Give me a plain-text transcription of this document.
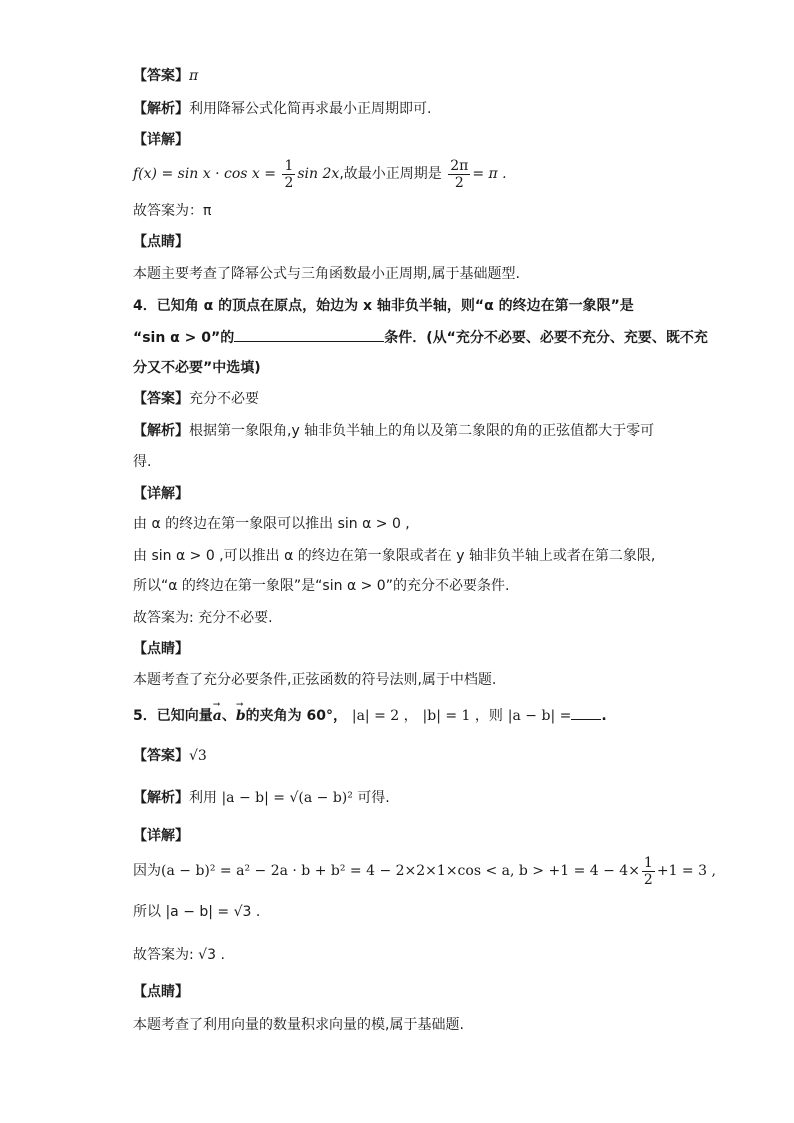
【答案】π
【解析】利用降幂公式化简再求最小正周期即可.
【详解】
$f(x) = \sin x \cdot \cos x = \frac{1}{2}$ sin 2x,故最小正周期是 $\frac{2\pi}{2} = \pi$ .
故答案为：π
【点睛】
本题主要考查了降幂公式与三角函数最小正周期,属于基础题型.
4．已知角 α 的顶点在原点，始边为 x 轴非负半轴，则“α 的终边在第一象限”是
“sin α > 0”的	条件．(从“充分不必要、必要不充分、充要、既不充
分又不必要”中选填)
【答案】充分不必要
【解析】根据第一象限角,y 轴非负半轴上的角以及第二象限的角的正弦值都大于零可
得.
【详解】
由 α 的终边在第一象限可以推出 sin α > 0 ,
由 sin α > 0 ,可以推出 α 的终边在第一象限或者在 y 轴非负半轴上或者在第二象限,
所以“α 的终边在第一象限”是“sin α > 0”的充分不必要条件.
故答案为: 充分不必要.
【点睛】
本题考查了充分必要条件,正弦函数的符号法则,属于中档题.
5．已知向量→ a、→ b的夹角为 60°， |a| = 2 ， |b| = 1 ，则 |a − b| = .
【答案】√3
【解析】利用 |a − b| = √(a − b)² 可得.
【详解】
因为(a − b)² = a² − 2a · b + b² = 4 − 2×2×1×cos < a, $b > +1 = 4 - 4\times \frac{1}{2} +1 = 3$ ,
所以 |a − b| = √3 .
故答案为: √3 .
【点睛】
本题考查了利用向量的数量积求向量的模,属于基础题.
